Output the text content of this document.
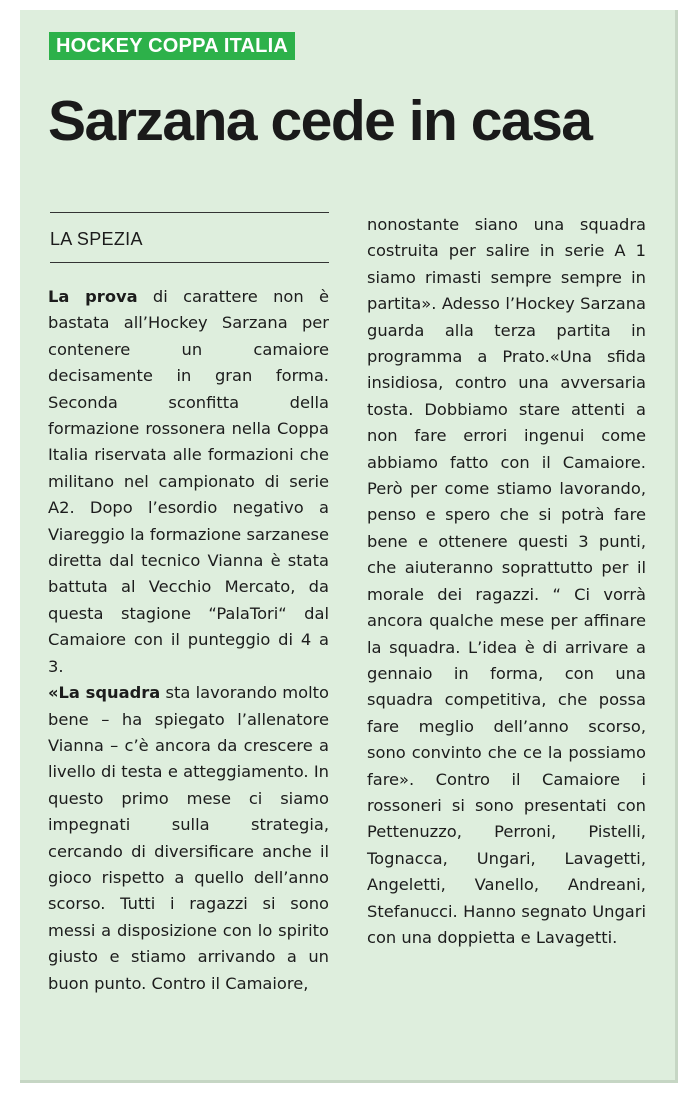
HOCKEY COPPA ITALIA
Sarzana cede in casa
LA SPEZIA

La prova di carattere non è bastata all’Hockey Sarzana per contenere un camaiore decisamente in gran forma. Seconda sconfitta della formazione rossonera nella Coppa Italia riservata alle formazioni che militano nel campionato di serie A2. Dopo l’esordio negativo a Viareggio la formazione sarzanese diretta dal tecnico Vianna è stata battuta al Vecchio Mercato, da questa stagione “PalaTori“ dal Camaiore con il punteggio di 4 a 3.

«La squadra sta lavorando molto bene – ha spiegato l’allenatore Vianna – c’è ancora da crescere a livello di testa e atteggiamento. In questo primo mese ci siamo impegnati sulla strategia, cercando di diversificare anche il gioco rispetto a quello dell’anno scorso. Tutti i ragazzi si sono messi a disposizione con lo spirito giusto e stiamo arrivando a un buon punto. Contro il Camaiore,

nonostante siano una squadra costruita per salire in serie A 1 siamo rimasti sempre sempre in partita». Adesso l’Hockey Sarzana guarda alla terza partita in programma a Prato.«Una sfida insidiosa, contro una avversaria tosta. Dobbiamo stare attenti a non fare errori ingenui come abbiamo fatto con il Camaiore. Però per come stiamo lavorando, penso e spero che si potrà fare bene e ottenere questi 3 punti, che aiuteranno soprattutto per il morale dei ragazzi. “ Ci vorrà ancora qualche mese per affinare la squadra. L’idea è di arrivare a gennaio in forma, con una squadra competitiva, che possa fare meglio dell’anno scorso, sono convinto che ce la possiamo fare». Contro il Camaiore i rossoneri si sono presentati con Pettenuzzo, Perroni, Pistelli, Tognacca, Ungari, Lavagetti, Angeletti, Vanello, Andreani, Stefanucci. Hanno segnato Ungari con una doppietta e Lavagetti.
